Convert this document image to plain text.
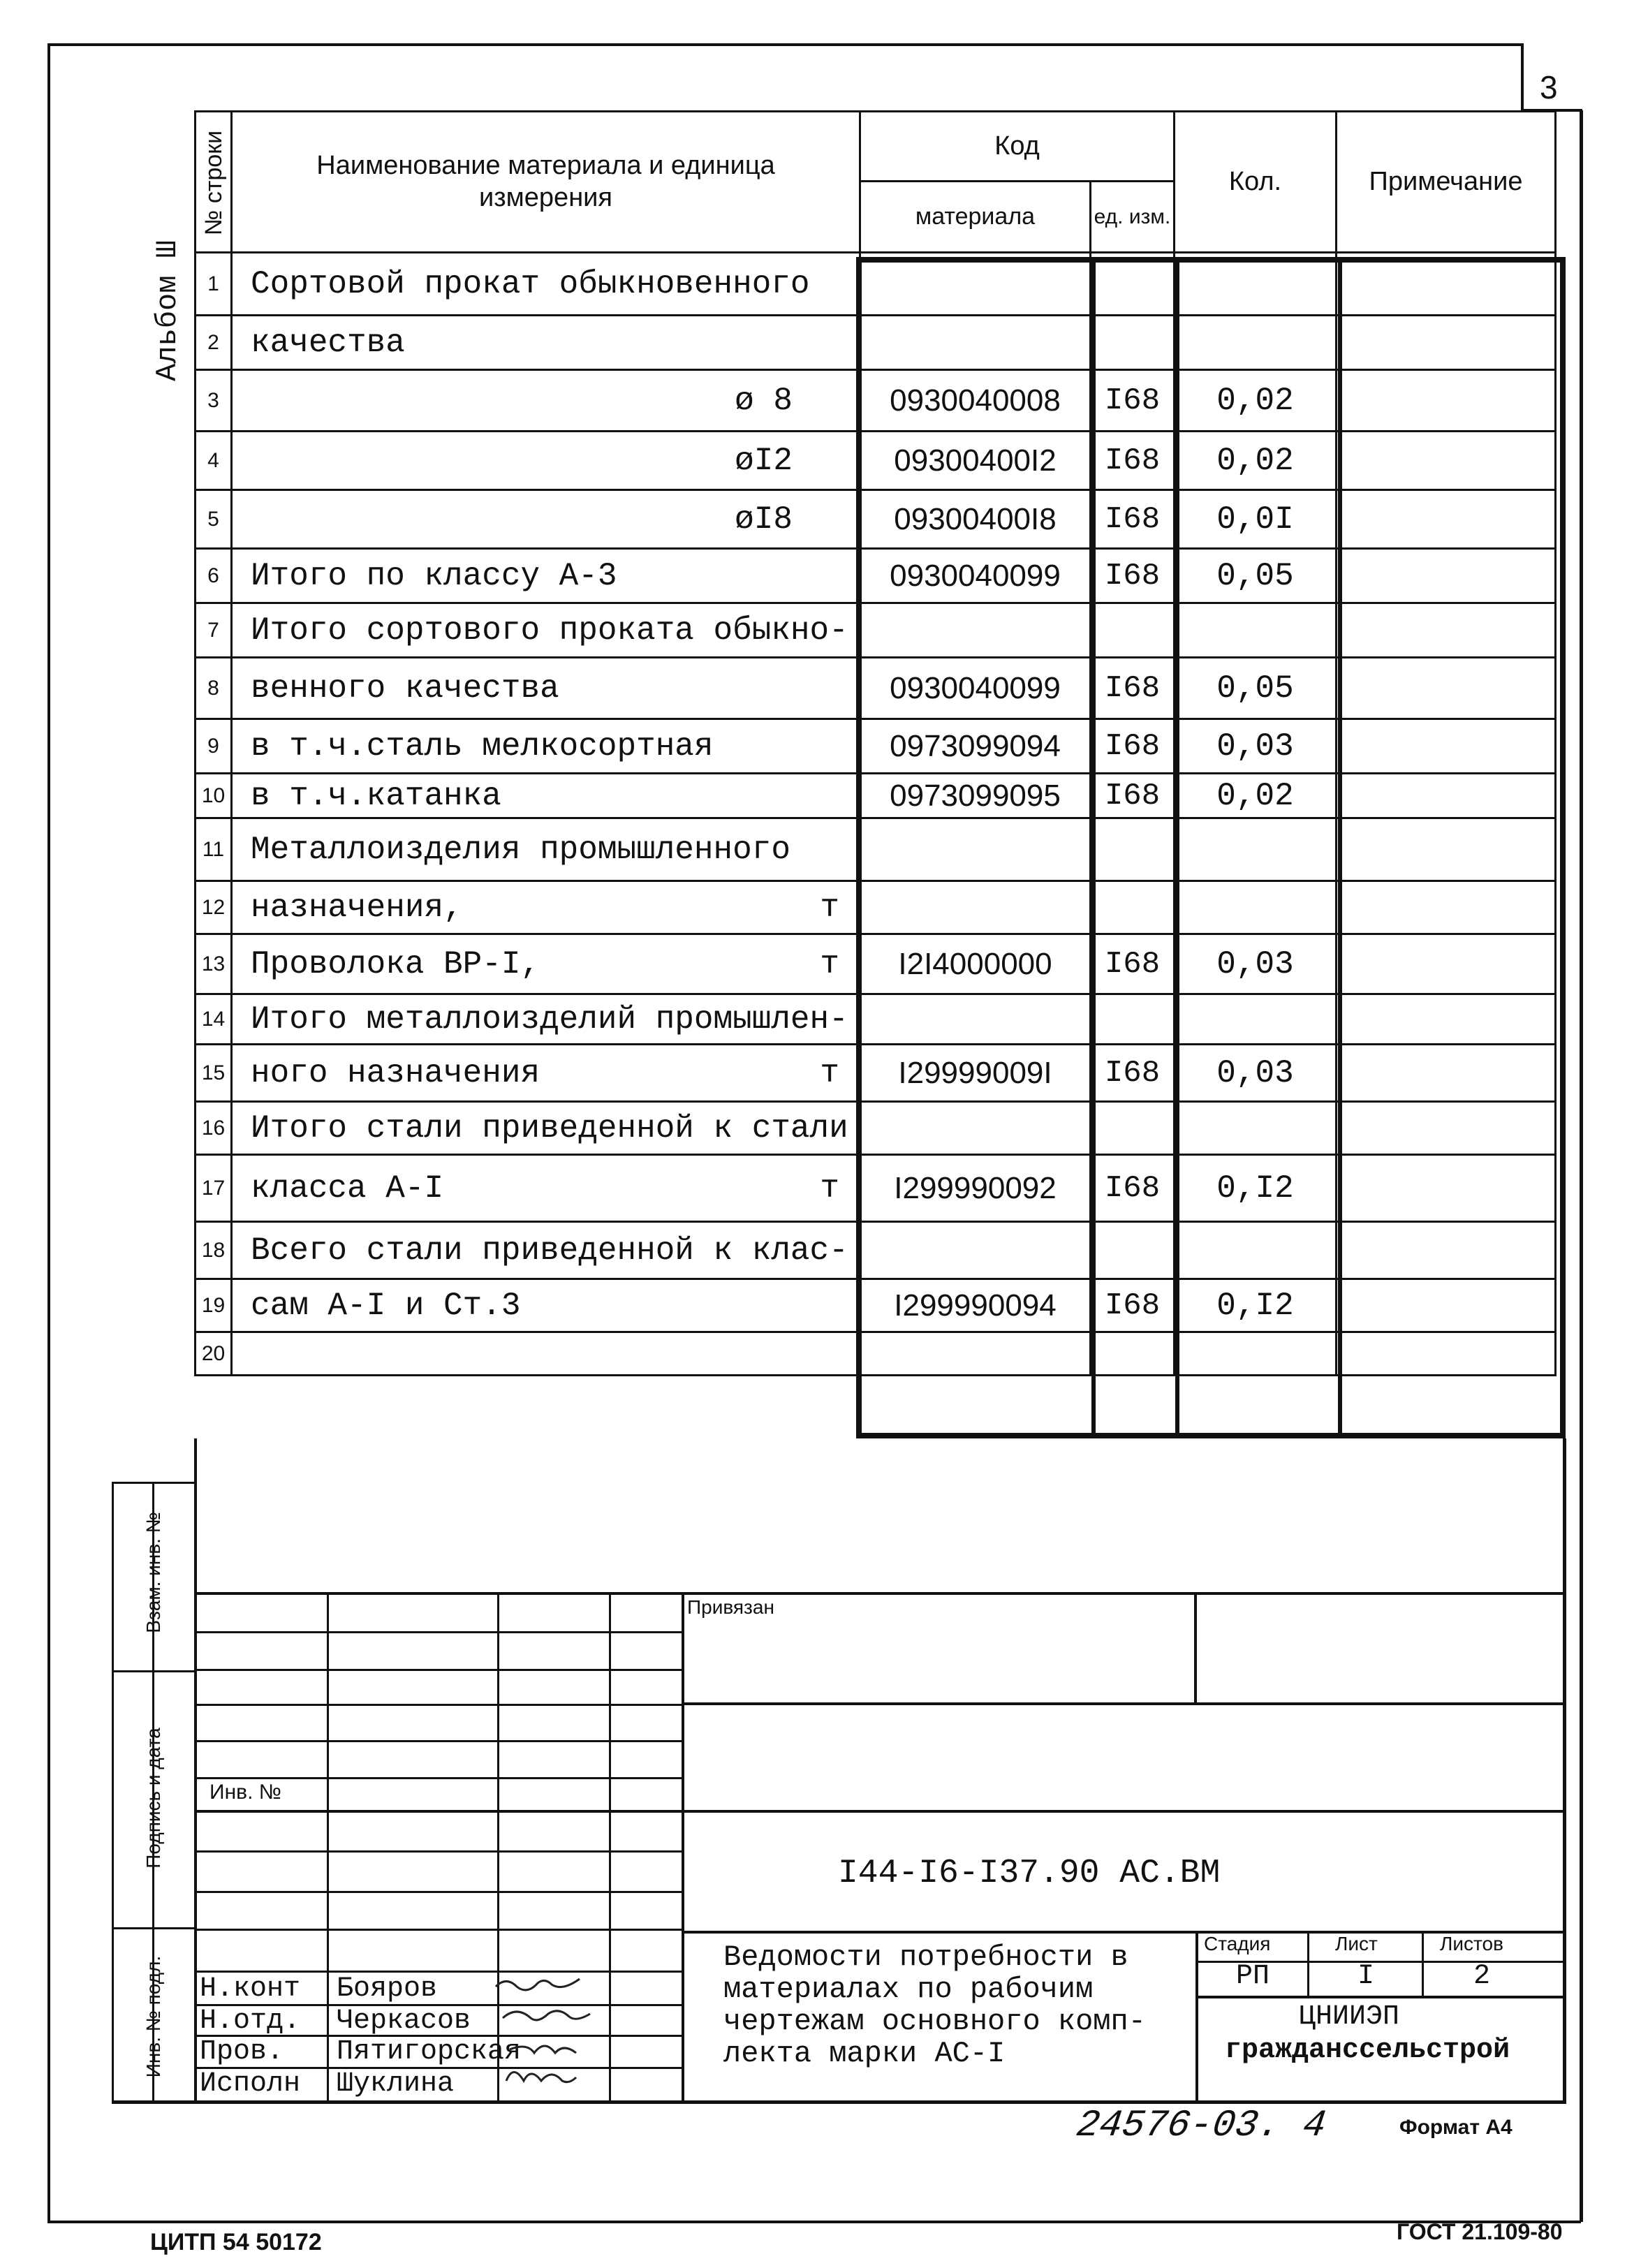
3
Альбом Ш
№ строки	Наименование материала и единица измерения	Код		Кол.	Примечание
		материала	ед. изм.		
1	Сортовой прокат обыкновенного

2	качества

3	ø 8	0930040008	I68	0,02	
4	øI2	09300400I2	I68	0,02	
5	øI8	09300400I8	I68	0,0I	
6	Итого по классу А-3	0930040099	I68	0,05	
7	Итого сортового проката обыкно-

8	венного качества	0930040099	I68	0,05	
9	в т.ч.сталь мелкосортная	0973099094	I68	0,03	
10	в т.ч.катанка	0973099095	I68	0,02	
11	Металлоизделия промышленного

12	назначения, т				

13	Проволока ВР-I, т	I2I4000000	I68	0,03	
14	Итого металлоизделий промышлен-

15	ного назначения т	I29999009I	I68	0,03	
16	Итого стали приведенной к стали

17	класса А-I т	I299990092	I68	0,I2	
18	Всего стали приведенной к клас-

19	сам А-I и Ст.3	I299990094	I68	0,I2	
20	

Взам. инв. №
Подпись и дата
Инв. № подл.
Привязан
Инв. №
I44-I6-I37.90 АС.ВМ
Ведомости потребности в
материалах по рабочим
чертежам основного комп-
лекта марки АС-I
Стадия	Лист	Листов
РП	I	2
ЦНИИЭП
гражданссельстрой
Н.конт Бояров
Н.отд. Черкасов
Пров. Пятигорская
Исполн Шуклина
24576-03. 4	Формат А4
ЦИТП 54 50172	ГОСТ 21.109-80
